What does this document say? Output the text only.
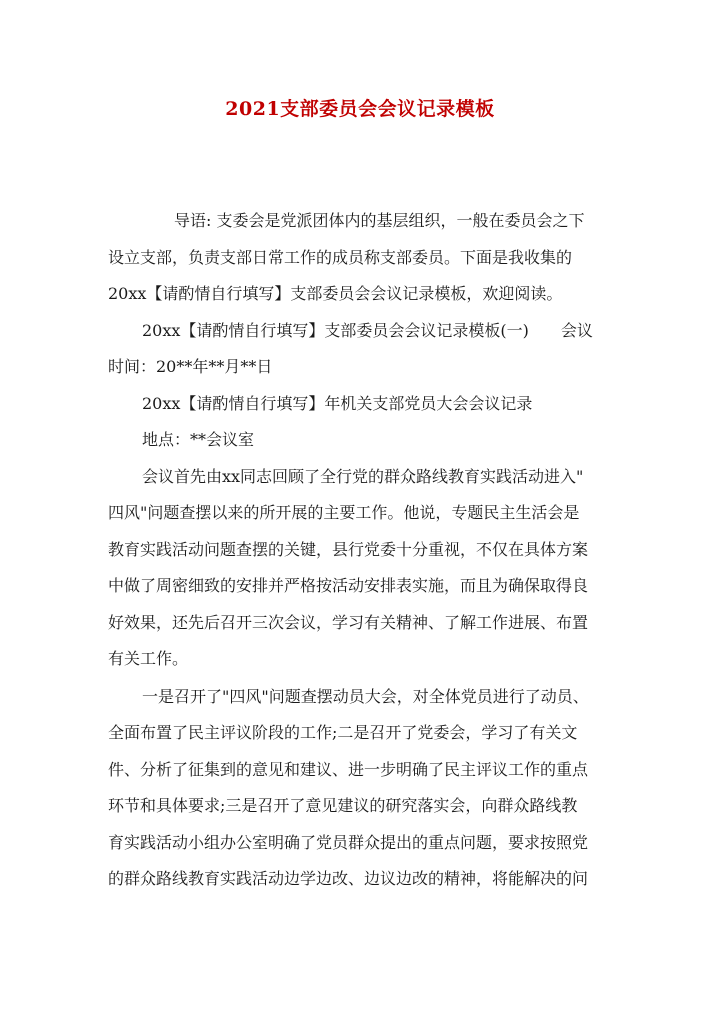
2021支部委员会会议记录模板
导语: 支委会是党派团体内的基层组织，一般在委员会之下
设立支部，负责支部日常工作的成员称支部委员。下面是我收集的
20xx【请酌情自行填写】支部委员会会议记录模板，欢迎阅读。
20xx【请酌情自行填写】支部委员会会议记录模板(一)　　会议
时间：20**年**月**日
20xx【请酌情自行填写】年机关支部党员大会会议记录
地点：**会议室
会议首先由xx同志回顾了全行党的群众路线教育实践活动进入"
四风"问题查摆以来的所开展的主要工作。他说，专题民主生活会是
教育实践活动问题查摆的关键，县行党委十分重视，不仅在具体方案
中做了周密细致的安排并严格按活动安排表实施，而且为确保取得良
好效果，还先后召开三次会议，学习有关精神、了解工作进展、布置
有关工作。
一是召开了"四风"问题查摆动员大会，对全体党员进行了动员、
全面布置了民主评议阶段的工作;二是召开了党委会，学习了有关文
件、分析了征集到的意见和建议、进一步明确了民主评议工作的重点
环节和具体要求;三是召开了意见建议的研究落实会，向群众路线教
育实践活动小组办公室明确了党员群众提出的重点问题，要求按照党
的群众路线教育实践活动边学边改、边议边改的精神，将能解决的问
